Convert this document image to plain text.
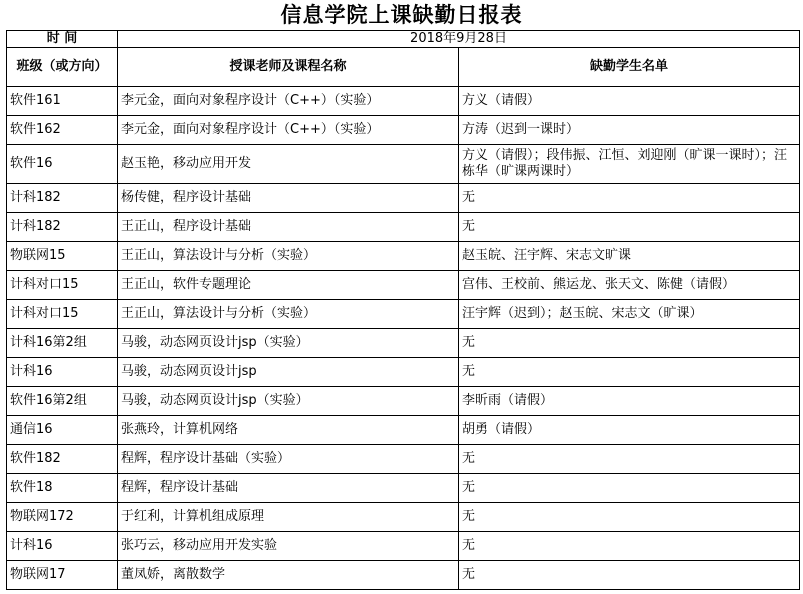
信息学院上课缺勤日报表
时 间	2018年9月28日	
班级（或方向）	授课老师及课程名称	缺勤学生名单
软件161	李元金，面向对象程序设计（C++）（实验）	方义（请假）
软件162	李元金，面向对象程序设计（C++）（实验）	方涛（迟到一课时）
软件16	赵玉艳，移动应用开发	方义（请假）；段伟振、江恒、刘迎刚（旷课一课时）；汪栋华（旷课两课时）
计科182	杨传健，程序设计基础	无
计科182	王正山，程序设计基础	无
物联网15	王正山，算法设计与分析（实验）	赵玉皖、汪宇辉、宋志文旷课
计科对口15	王正山，软件专题理论	宫伟、王校前、熊运龙、张天文、陈健（请假）
计科对口15	王正山，算法设计与分析（实验）	汪宇辉（迟到）；赵玉皖、宋志文（旷课）
计科16第2组	马骏，动态网页设计jsp（实验）	无
计科16	马骏，动态网页设计jsp	无
软件16第2组	马骏，动态网页设计jsp（实验）	李昕雨（请假）
通信16	张燕玲，计算机网络	胡勇（请假）
软件182	程辉，程序设计基础（实验）	无
软件18	程辉，程序设计基础	无
物联网172	于红利，计算机组成原理	无
计科16	张巧云，移动应用开发实验	无
物联网17	董凤娇，离散数学	无
